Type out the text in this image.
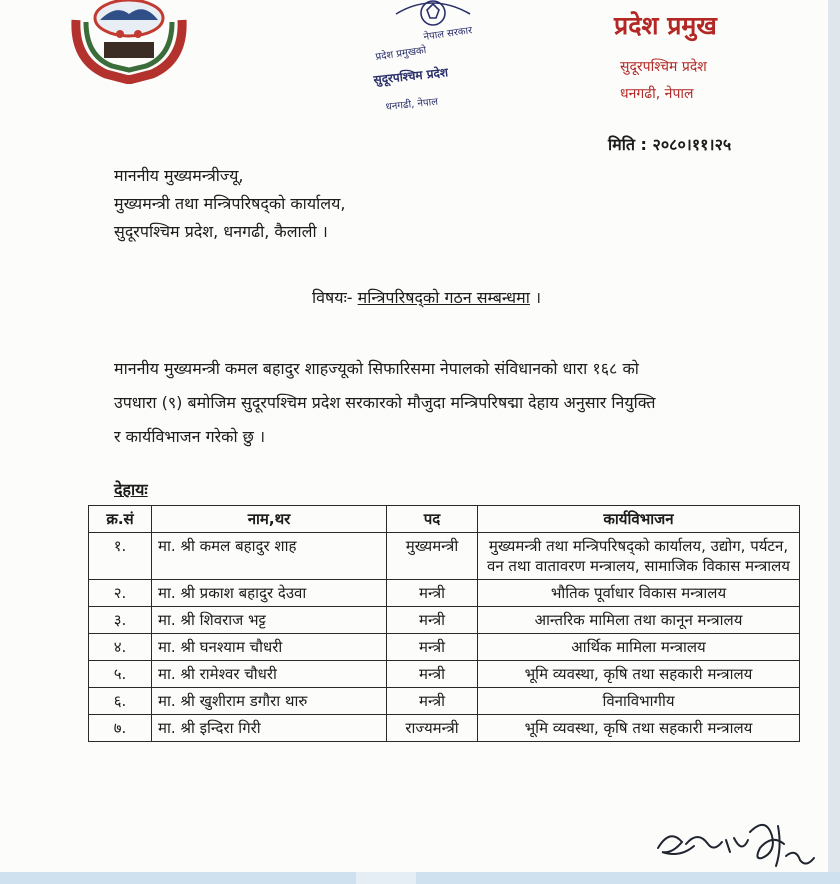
नेपाल सरकार
प्रदेश प्रमुखको
सुदूरपश्चिम प्रदेश
धनगढी, नेपाल
प्रदेश प्रमुख
सुदूरपश्चिम प्रदेश
धनगढी, नेपाल
मिति : २०८०।११।२५
माननीय मुख्यमन्त्रीज्यू,
मुख्यमन्त्री तथा मन्त्रिपरिषद्को कार्यालय,
सुदूरपश्चिम प्रदेश, धनगढी, कैलाली ।
विषयः- मन्त्रिपरिषद्को गठन सम्बन्धमा ।
माननीय मुख्यमन्त्री कमल बहादुर शाहज्यूको सिफारिसमा नेपालको संविधानको धारा १६८ को
उपधारा (९) बमोजिम सुदूरपश्चिम प्रदेश सरकारको मौजुदा मन्त्रिपरिषद्मा देहाय अनुसार नियुक्ति
र कार्यविभाजन गरेको छु ।
देहायः
क्र.सं	नाम,थर	पद	कार्यविभाजन
१.	मा. श्री कमल बहादुर शाह	मुख्यमन्त्री	मुख्यमन्त्री तथा मन्त्रिपरिषद्को कार्यालय, उद्योग, पर्यटन, वन तथा वातावरण मन्त्रालय, सामाजिक विकास मन्त्रालय
२.	मा. श्री प्रकाश बहादुर देउवा	मन्त्री	भौतिक पूर्वाधार विकास मन्त्रालय
३.	मा. श्री शिवराज भट्ट	मन्त्री	आन्तरिक मामिला तथा कानून मन्त्रालय
४.	मा. श्री घनश्याम चौधरी	मन्त्री	आर्थिक मामिला मन्त्रालय
५.	मा. श्री रामेश्वर चौधरी	मन्त्री	भूमि व्यवस्था, कृषि तथा सहकारी मन्त्रालय
६.	मा. श्री खुशीराम डगौरा थारु	मन्त्री	विनाविभागीय
७.	मा. श्री इन्दिरा गिरी	राज्यमन्त्री	भूमि व्यवस्था, कृषि तथा सहकारी मन्त्रालय
